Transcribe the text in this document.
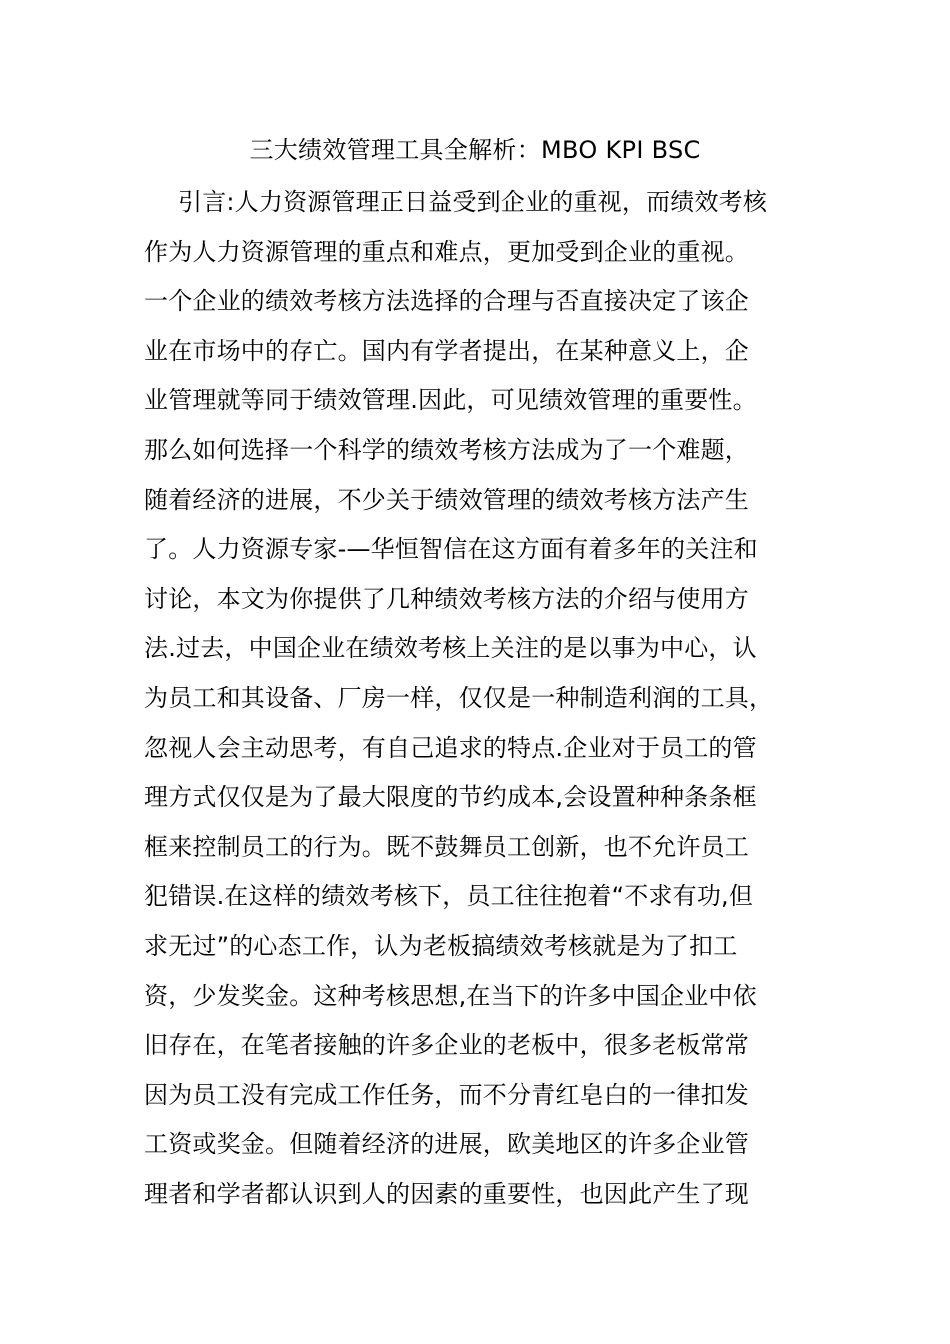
三大绩效管理工具全解析：MBO KPI BSC
引言:人力资源管理正日益受到企业的重视，而绩效考核
作为人力资源管理的重点和难点，更加受到企业的重视。
一个企业的绩效考核方法选择的合理与否直接决定了该企
业在市场中的存亡。国内有学者提出，在某种意义上，企
业管理就等同于绩效管理.因此，可见绩效管理的重要性。
那么如何选择一个科学的绩效考核方法成为了一个难题，
随着经济的进展，不少关于绩效管理的绩效考核方法产生
了。人力资源专家-—华恒智信在这方面有着多年的关注和
讨论，本文为你提供了几种绩效考核方法的介绍与使用方
法.过去，中国企业在绩效考核上关注的是以事为中心，认
为员工和其设备、厂房一样，仅仅是一种制造利润的工具，
忽视人会主动思考，有自己追求的特点.企业对于员工的管
理方式仅仅是为了最大限度的节约成本,会设置种种条条框
框来控制员工的行为。既不鼓舞员工创新，也不允许员工
犯错误.在这样的绩效考核下，员工往往抱着“不求有功,但
求无过”的心态工作，认为老板搞绩效考核就是为了扣工
资，少发奖金。这种考核思想,在当下的许多中国企业中依
旧存在，在笔者接触的许多企业的老板中，很多老板常常
因为员工没有完成工作任务，而不分青红皂白的一律扣发
工资或奖金。但随着经济的进展，欧美地区的许多企业管
理者和学者都认识到人的因素的重要性，也因此产生了现
